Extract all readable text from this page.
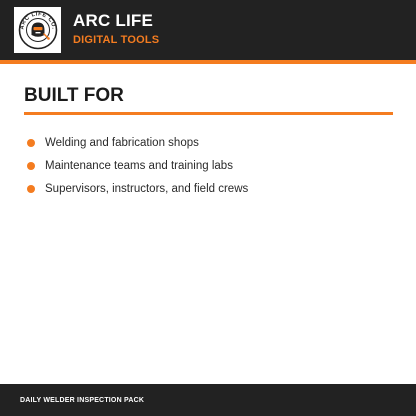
ARC LIFE CO. ARC LIFE
DIGITAL TOOLS
BUILT FOR
Welding and fabrication shops
Maintenance teams and training labs
Supervisors, instructors, and field crews
DAILY WELDER INSPECTION PACK
